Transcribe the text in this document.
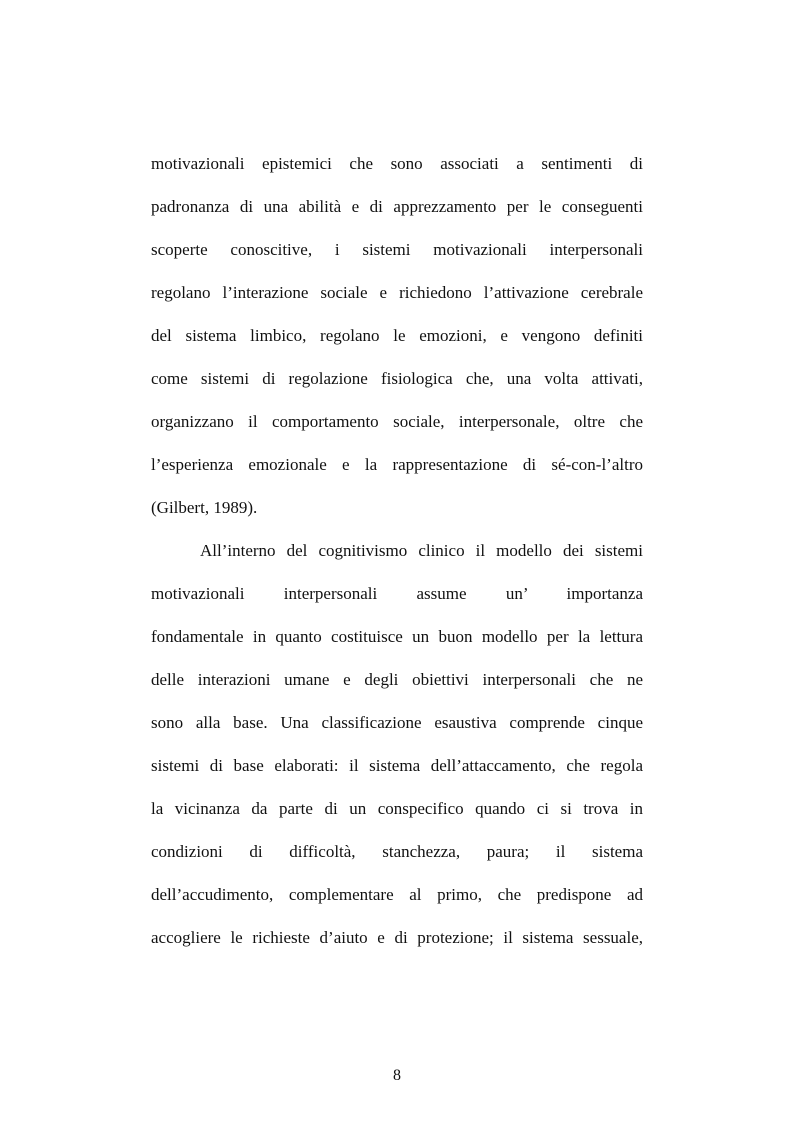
motivazionali epistemici che sono associati a sentimenti di
padronanza di una abilità e di apprezzamento per le conseguenti
scoperte conoscitive, i sistemi motivazionali interpersonali
regolano l’interazione sociale e richiedono l’attivazione cerebrale
del sistema limbico, regolano le emozioni, e vengono definiti
come sistemi di regolazione fisiologica che, una volta attivati,
organizzano il comportamento sociale, interpersonale, oltre che
l’esperienza emozionale e la rappresentazione di sé-con-l’altro
(Gilbert, 1989).
All’interno del cognitivismo clinico il modello dei sistemi
motivazionali interpersonali assume un’ importanza
fondamentale in quanto costituisce un buon modello per la lettura
delle interazioni umane e degli obiettivi interpersonali che ne
sono alla base. Una classificazione esaustiva comprende cinque
sistemi di base elaborati: il sistema dell’attaccamento, che regola
la vicinanza da parte di un conspecifico quando ci si trova in
condizioni di difficoltà, stanchezza, paura; il sistema
dell’accudimento, complementare al primo, che predispone ad
accogliere le richieste d’aiuto e di protezione; il sistema sessuale,
8
